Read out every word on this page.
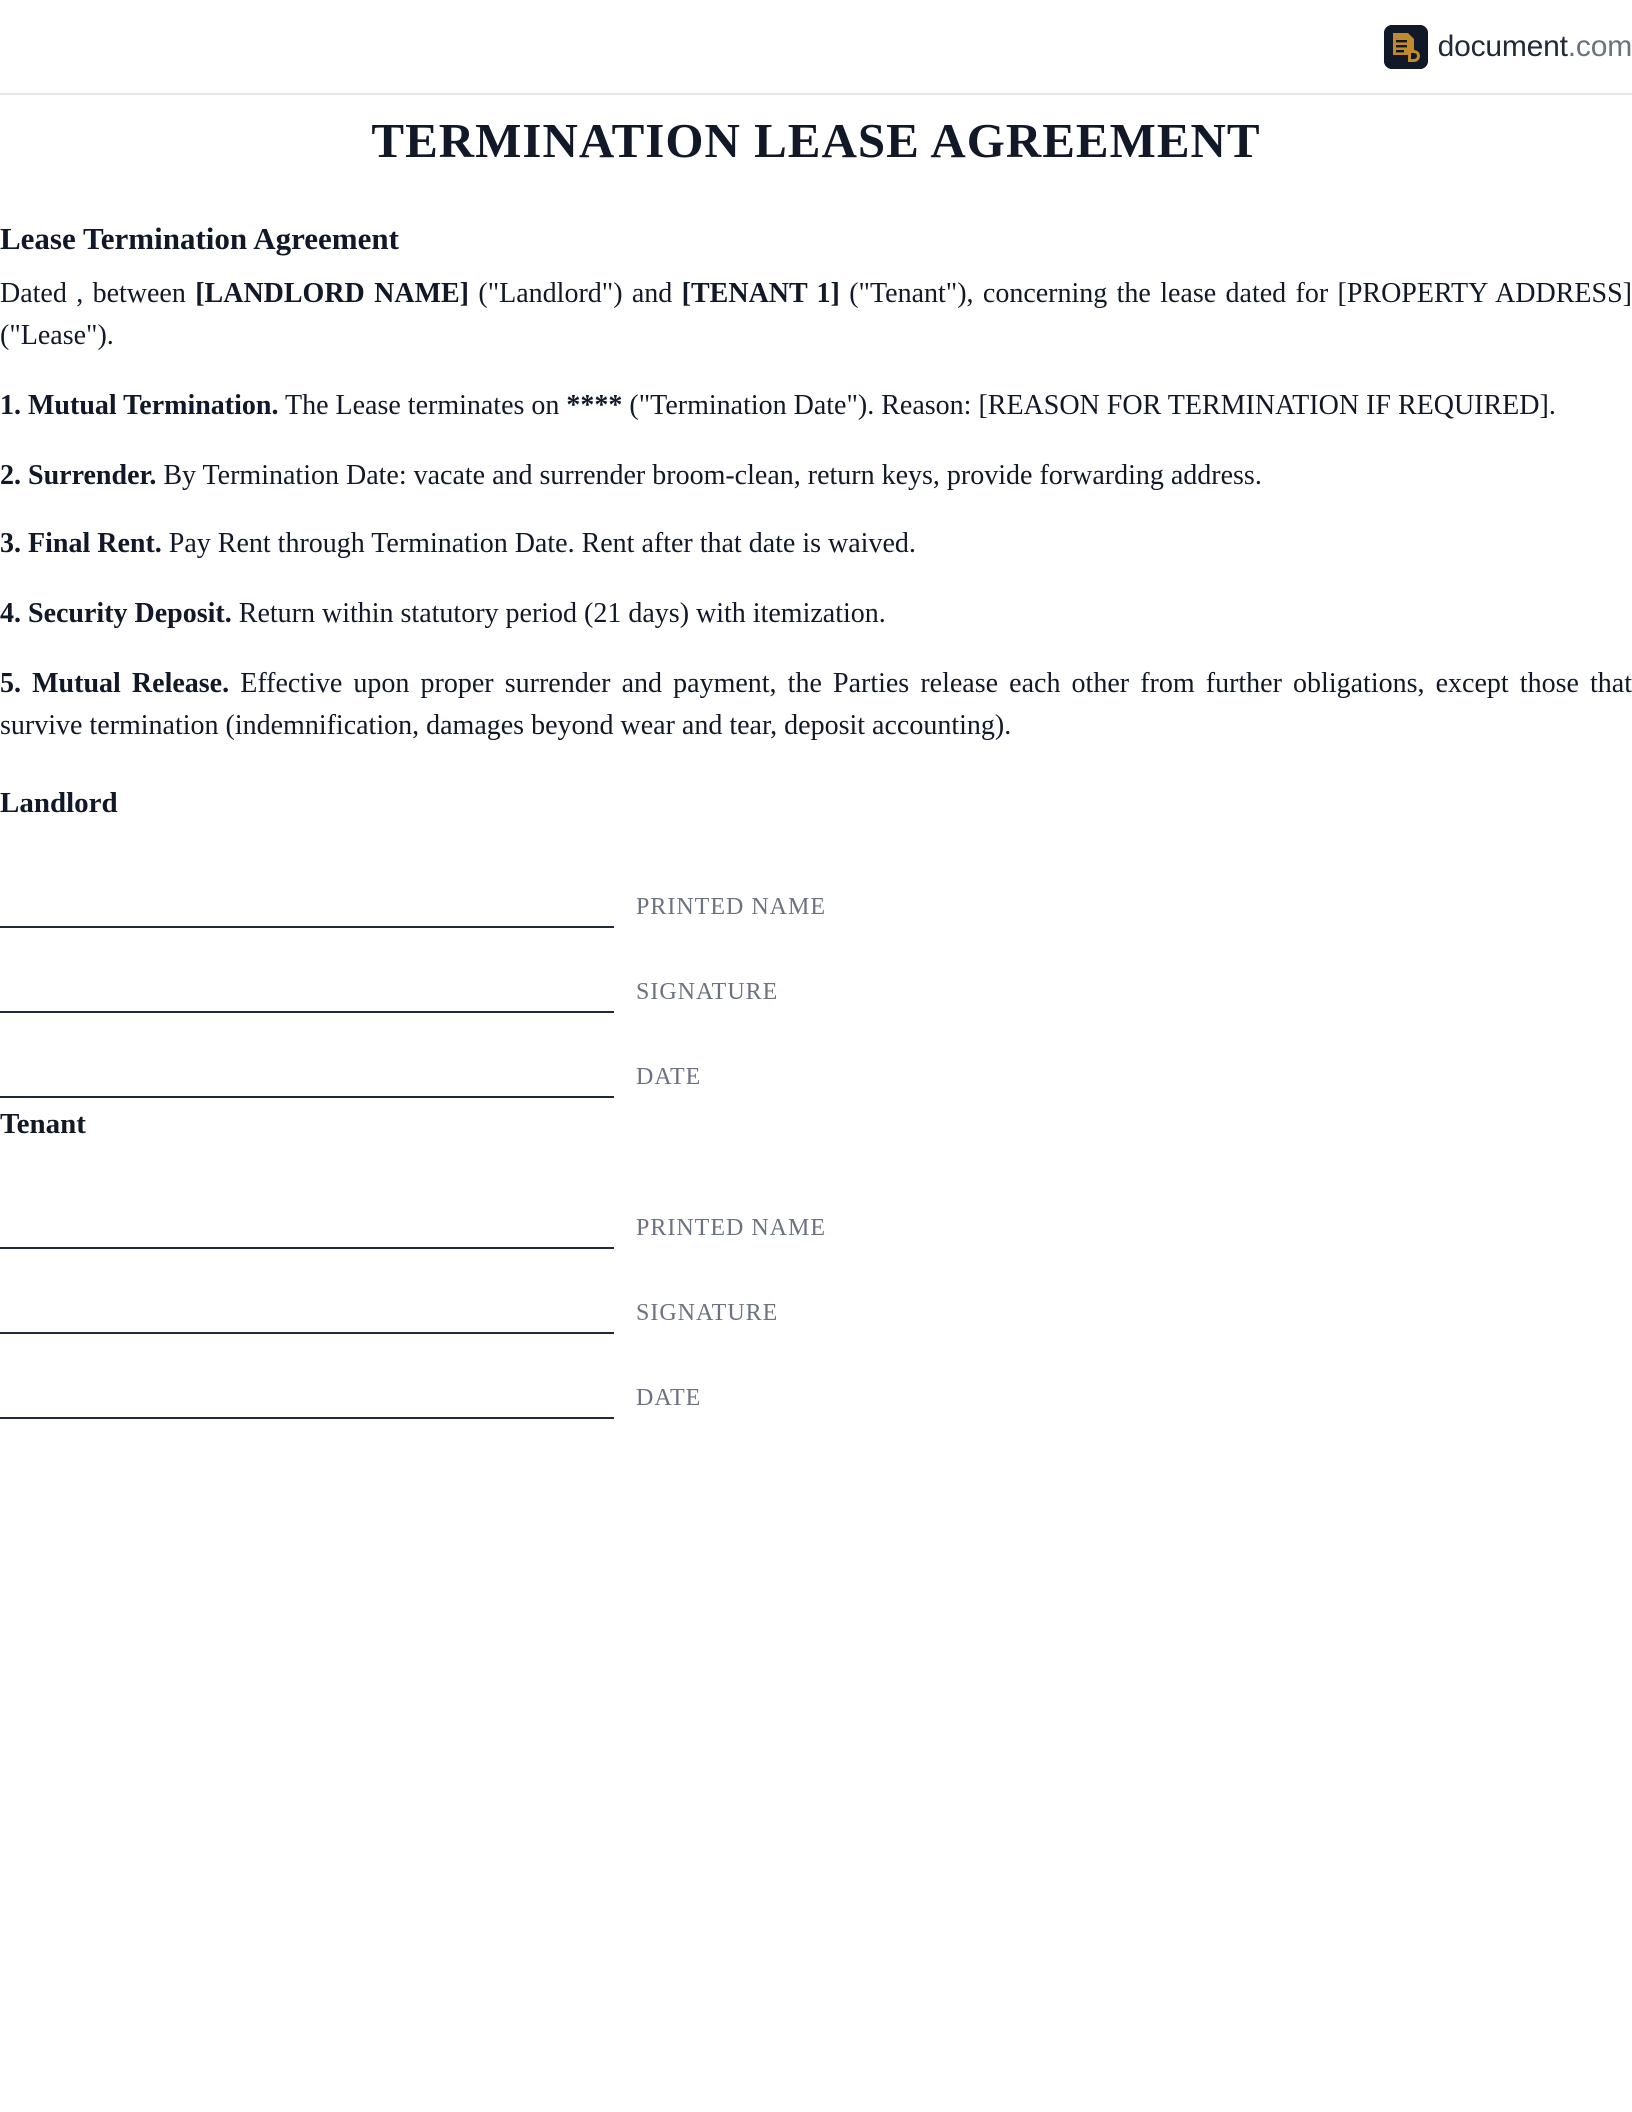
document.com
TERMINATION LEASE AGREEMENT
Lease Termination Agreement

Dated , between [LANDLORD NAME] ("Landlord") and [TENANT 1] ("Tenant"), concerning the lease dated for [PROPERTY ADDRESS] ("Lease").

1. Mutual Termination. The Lease terminates on **** ("Termination Date"). Reason: [REASON FOR TERMINATION IF REQUIRED].

2. Surrender. By Termination Date: vacate and surrender broom-clean, return keys, provide forwarding address.

3. Final Rent. Pay Rent through Termination Date. Rent after that date is waived.

4. Security Deposit. Return within statutory period (21 days) with itemization.

5. Mutual Release. Effective upon proper surrender and payment, the Parties release each other from further obligations, except those that survive termination (indemnification, damages beyond wear and tear, deposit accounting).

Landlord
PRINTED NAME
SIGNATURE
DATE
Tenant
PRINTED NAME
SIGNATURE
DATE
